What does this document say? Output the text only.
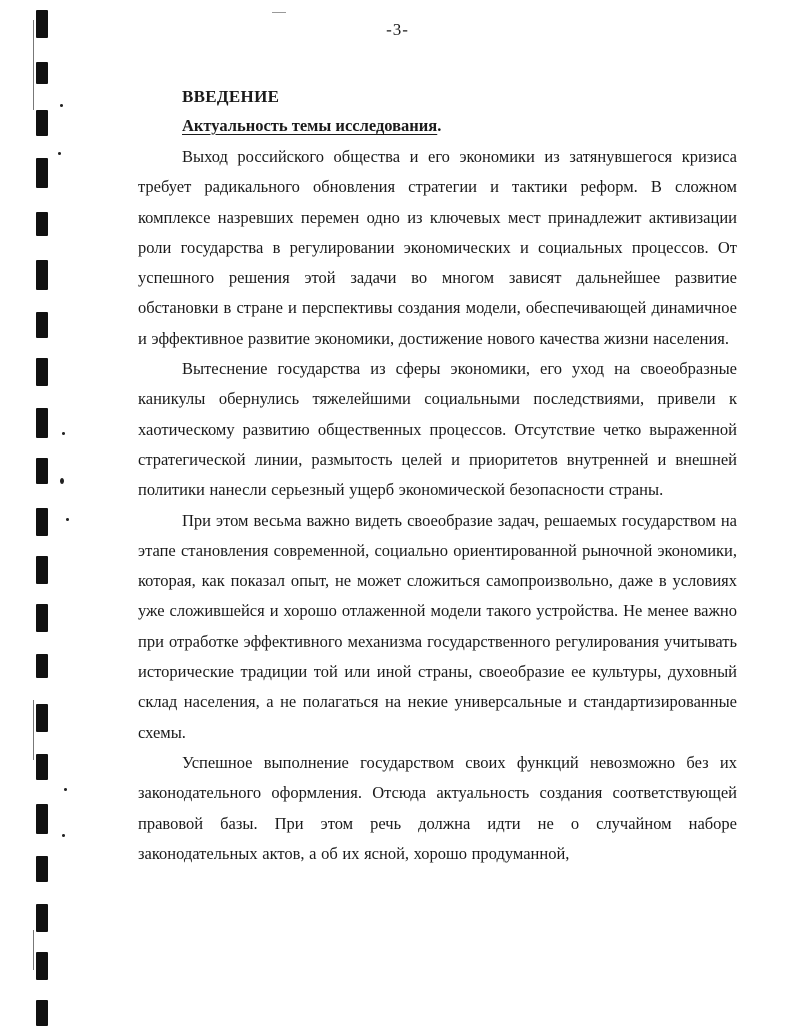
-3-
ВВЕДЕНИЕ
Актуальность темы исследования.

Выход российского общества и его экономики из затянувшегося кризиса требует радикального обновления стратегии и тактики реформ. В сложном комплексе назревших перемен одно из ключевых мест принадлежит активизации роли государства в регулировании экономических и социальных процессов. От успешного решения этой задачи во многом зависят дальнейшее развитие обстановки в стране и перспективы создания модели, обеспечивающей динамичное и эффективное развитие экономики, достижение нового качества жизни населения.

Вытеснение государства из сферы экономики, его уход на своеобразные каникулы обернулись тяжелейшими социальными последствиями, привели к хаотическому развитию общественных процессов. Отсутствие четко выраженной стратегической линии, размытость целей и приоритетов внутренней и внешней политики нанесли серьезный ущерб экономической безопасности страны.

При этом весьма важно видеть своеобразие задач, решаемых государством на этапе становления современной, социально ориентированной рыночной экономики, которая, как показал опыт, не может сложиться самопроизвольно, даже в условиях уже сложившейся и хорошо отлаженной модели такого устройства. Не менее важно при отработке эффективного механизма государственного регулирования учитывать исторические традиции той или иной страны, своеобразие ее культуры, духовный склад населения, а не полагаться на некие универсальные и стандартизированные схемы.

Успешное выполнение государством своих функций невозможно без их законодательного оформления. Отсюда актуальность создания соответствующей правовой базы. При этом речь должна идти не о случайном наборе законодательных актов, а об их ясной, хорошо продуманной,
